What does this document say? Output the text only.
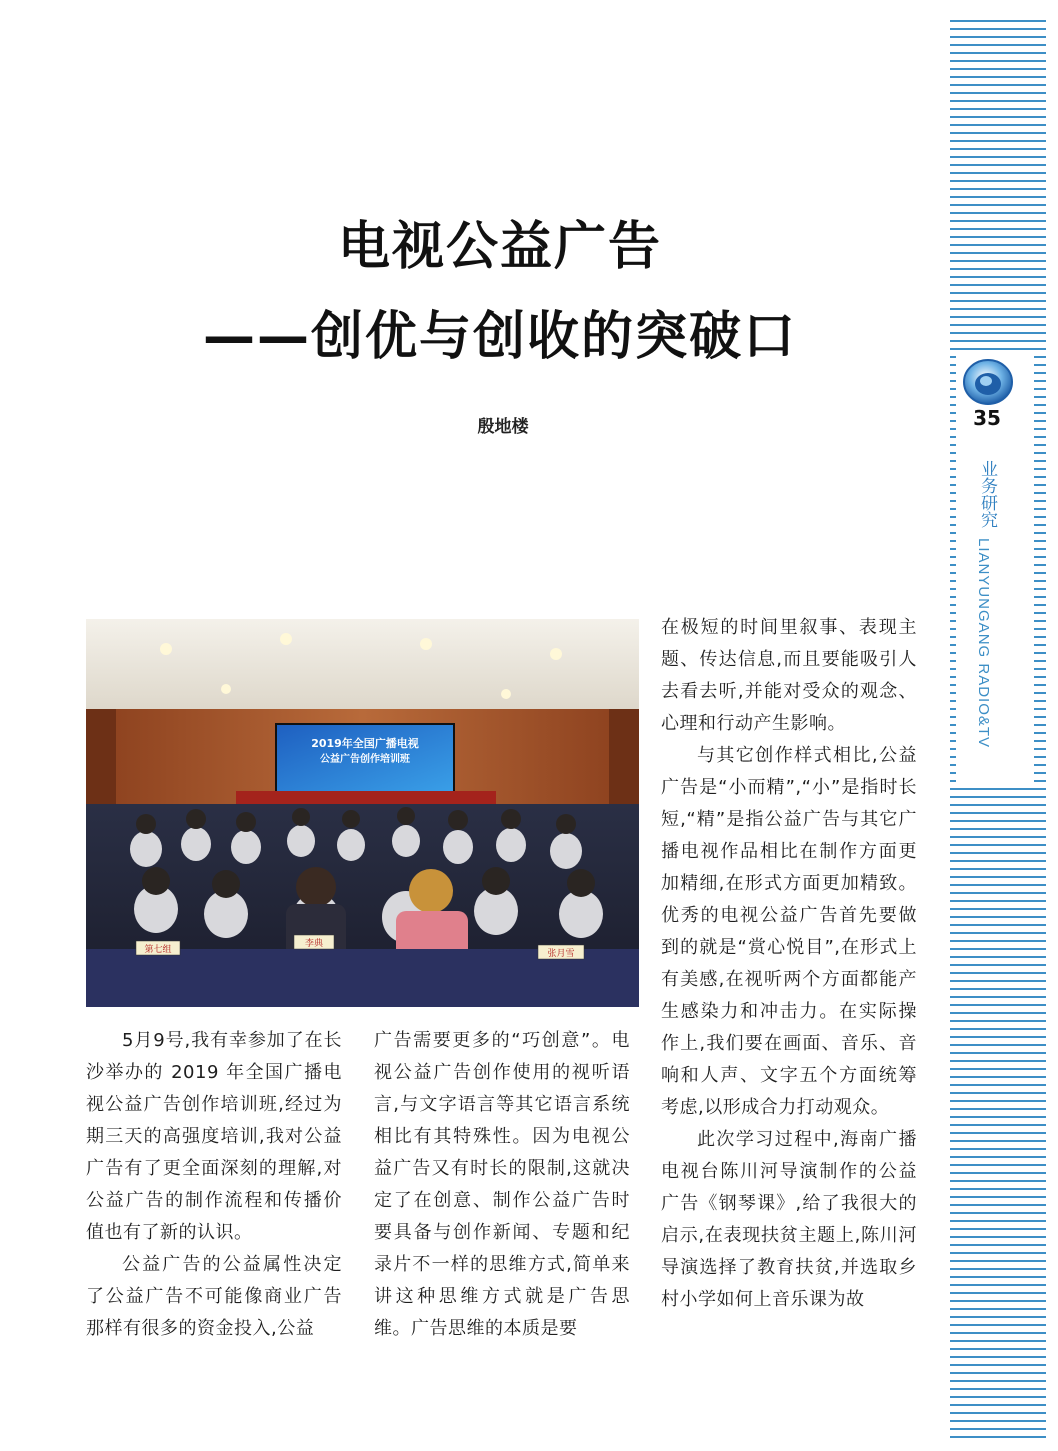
35
业务研究
LIANYUNGANG RADIO&TV
电视公益广告
——创优与创收的突破口
殷地楼
2019年全国广播电视
公益广告创作培训班
第七组
李典
张月雪

5月9号,我有幸参加了在长沙举办的 2019 年全国广播电视公益广告创作培训班,经过为期三天的高强度培训,我对公益广告有了更全面深刻的理解,对公益广告的制作流程和传播价值也有了新的认识。

公益广告的公益属性决定了公益广告不可能像商业广告那样有很多的资金投入,公益

广告需要更多的“巧创意”。电视公益广告创作使用的视听语言,与文字语言等其它语言系统相比有其特殊性。因为电视公益广告又有时长的限制,这就决定了在创意、制作公益广告时要具备与创作新闻、专题和纪录片不一样的思维方式,简单来讲这种思维方式就是广告思维。广告思维的本质是要

在极短的时间里叙事、表现主题、传达信息,而且要能吸引人去看去听,并能对受众的观念、心理和行动产生影响。

与其它创作样式相比,公益广告是“小而精”,“小”是指时长短,“精”是指公益广告与其它广播电视作品相比在制作方面更加精细,在形式方面更加精致。优秀的电视公益广告首先要做到的就是“赏心悦目”,在形式上有美感,在视听两个方面都能产生感染力和冲击力。在实际操作上,我们要在画面、音乐、音响和人声、文字五个方面统筹考虑,以形成合力打动观众。

此次学习过程中,海南广播电视台陈川河导演制作的公益广告《钢琴课》,给了我很大的启示,在表现扶贫主题上,陈川河导演选择了教育扶贫,并选取乡村小学如何上音乐课为故
